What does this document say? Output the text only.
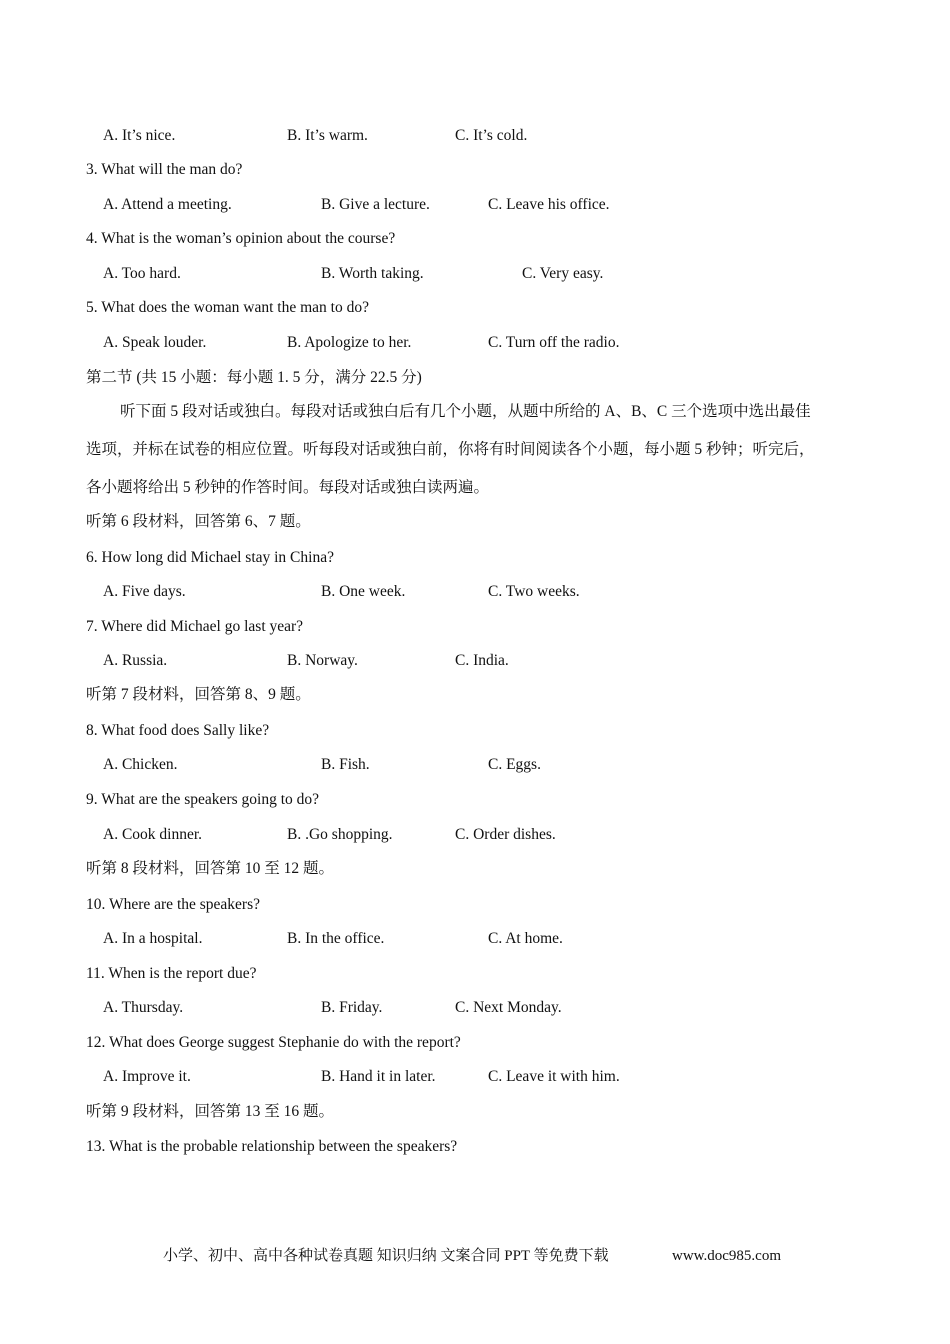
A. It’s nice.	B. It’s warm.	C. It’s cold.
3. What will the man do?
A. Attend a meeting.	B. Give a lecture.	C. Leave his office.
4. What is the woman’s opinion about the course?
A. Too hard.	B. Worth taking.	C. Very easy.
5. What does the woman want the man to do?
A. Speak louder.	B. Apologize to her.	C. Turn off the radio.
第二节 (共 15 小题：每小题 1. 5 分，满分 22.5 分)
听下面 5 段对话或独白。每段对话或独白后有几个小题，从题中所给的 A、B、C 三个选项中选出最佳
选项，并标在试卷的相应位置。听每段对话或独白前，你将有时间阅读各个小题，每小题 5 秒钟；听完后，
各小题将给出 5 秒钟的作答时间。每段对话或独白读两遍。
听第 6 段材料，回答第 6、7 题。
6. How long did Michael stay in China?
A. Five days.	B. One week.	C. Two weeks.
7. Where did Michael go last year?
A. Russia.	B. Norway.	C. India.
听第 7 段材料，回答第 8、9 题。
8. What food does Sally like?
A. Chicken.	B. Fish.	C. Eggs.
9. What are the speakers going to do?
A. Cook dinner.	B. .Go shopping.	C. Order dishes.
听第 8 段材料，回答第 10 至 12 题。
10. Where are the speakers?
A. In a hospital.	B. In the office.	C. At home.
11. When is the report due?
A. Thursday.	B. Friday.	C. Next Monday.
12. What does George suggest Stephanie do with the report?
A. Improve it.	B. Hand it in later.	C. Leave it with him.
听第 9 段材料，回答第 13 至 16 题。
13. What is the probable relationship between the speakers?
小学、初中、高中各种试卷真题 知识归纳 文案合同 PPT 等免费下载	www.doc985.com
